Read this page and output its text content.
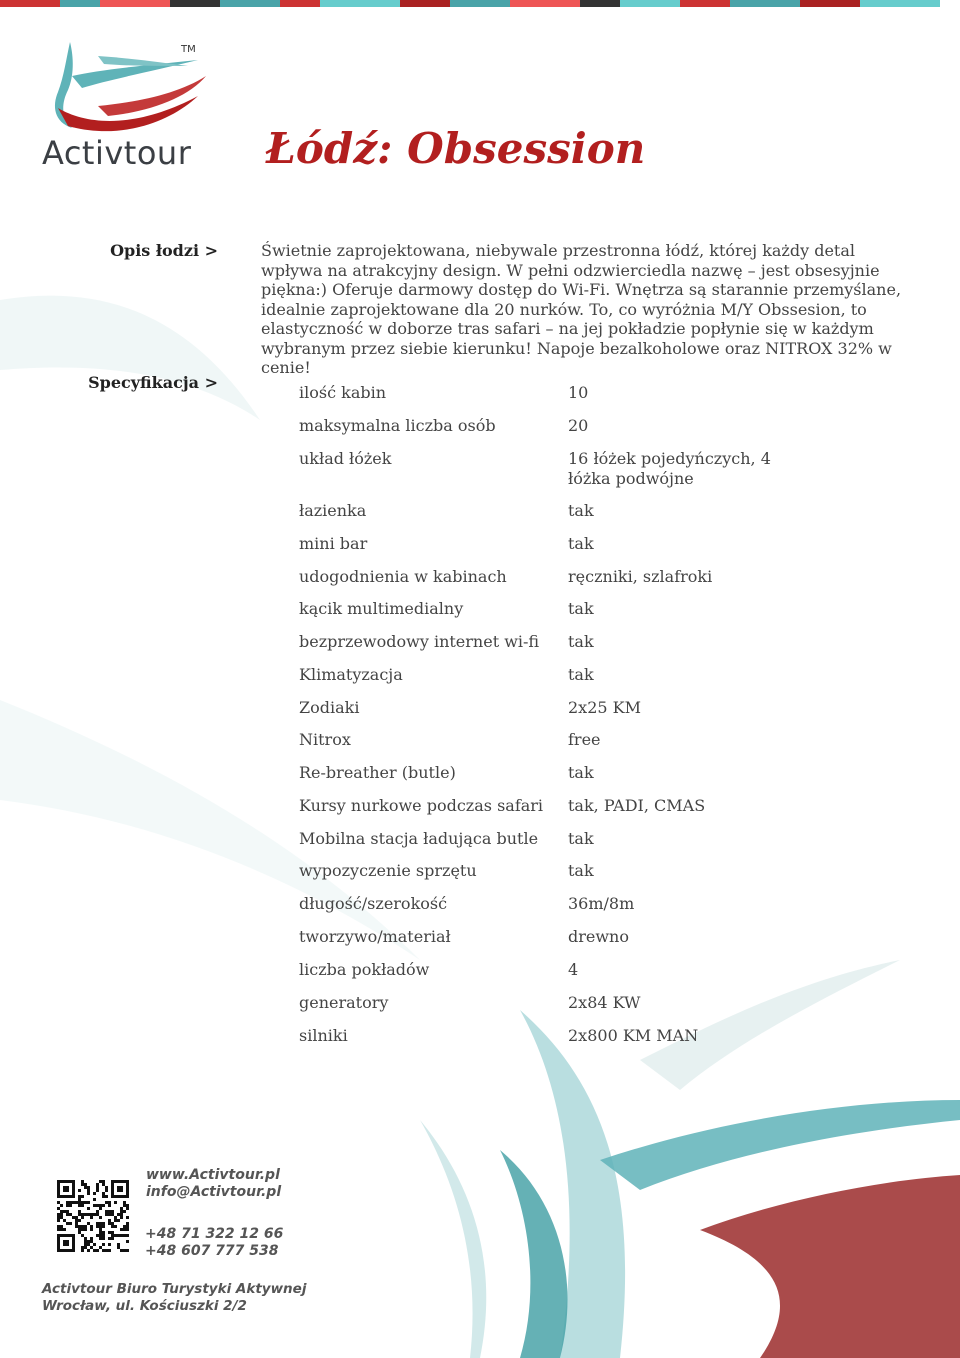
TM
Activtour Łódź: Obsession
Opis łodzi >	Świetnie zaprojektowana, niebywale przestronna łódź, której każdy detal wpływa na atrakcyjny design. W pełni odzwierciedla nazwę – jest obsesyjnie piękna:) Oferuje darmowy dostęp do Wi-Fi. Wnętrza są starannie przemyślane, idealnie zaprojektowane dla 20 nurków. To, co wyróżnia M/Y Obssesion, to elastyczność w doborze tras safari – na jej pokładzie popłynie się w każdym wybranym przez siebie kierunku! Napoje bezalkoholowe oraz NITROX 32% w cenie!
Specyfikacja >
ilość kabin	10
maksymalna liczba osób	20
układ łóżek	16 łóżek pojedyńczych, 4 łóżka podwójne
łazienka	tak
mini bar	tak
udogodnienia w kabinach	ręczniki, szlafroki
kącik multimedialny	tak
bezprzewodowy internet wi-fi	tak
Klimatyzacja	tak
Zodiaki	2x25 KM
Nitrox	free
Re-breather (butle)	tak
Kursy nurkowe podczas safari	tak, PADI, CMAS
Mobilna stacja ładująca butle	tak
wypozyczenie sprzętu	tak
długość/szerokość	36m/8m
tworzywo/materiał	drewno
liczba pokładów	4
generatory	2x84 KW
silniki	2x800 KM MAN
www.Activtour.pl
info@Activtour.pl
+48 71 322 12 66
+48 607 777 538
Activtour Biuro Turystyki Aktywnej
Wrocław, ul. Kościuszki 2/2
